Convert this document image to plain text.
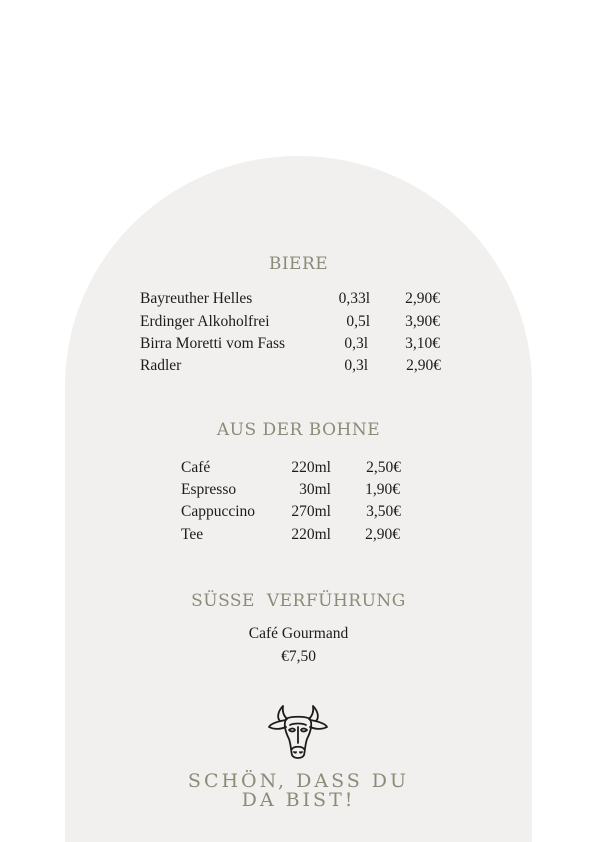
BIERE
Bayreuther Helles	0,33l 2,90€
Erdinger Alkoholfrei	0,5l 3,90€
Birra Moretti vom Fass	0,3l 3,10€
Radler	0,3l 2,90€
AUS DER BOHNE
Café	220ml 2,50€
Espresso	30ml 1,90€
Cappuccino 270ml 3,50€
Tee	220ml 2,90€
SÜSSE VERFÜHRUNG
Café Gourmand
€7,50
SCHÖN, DASS DU
DA BIST!
